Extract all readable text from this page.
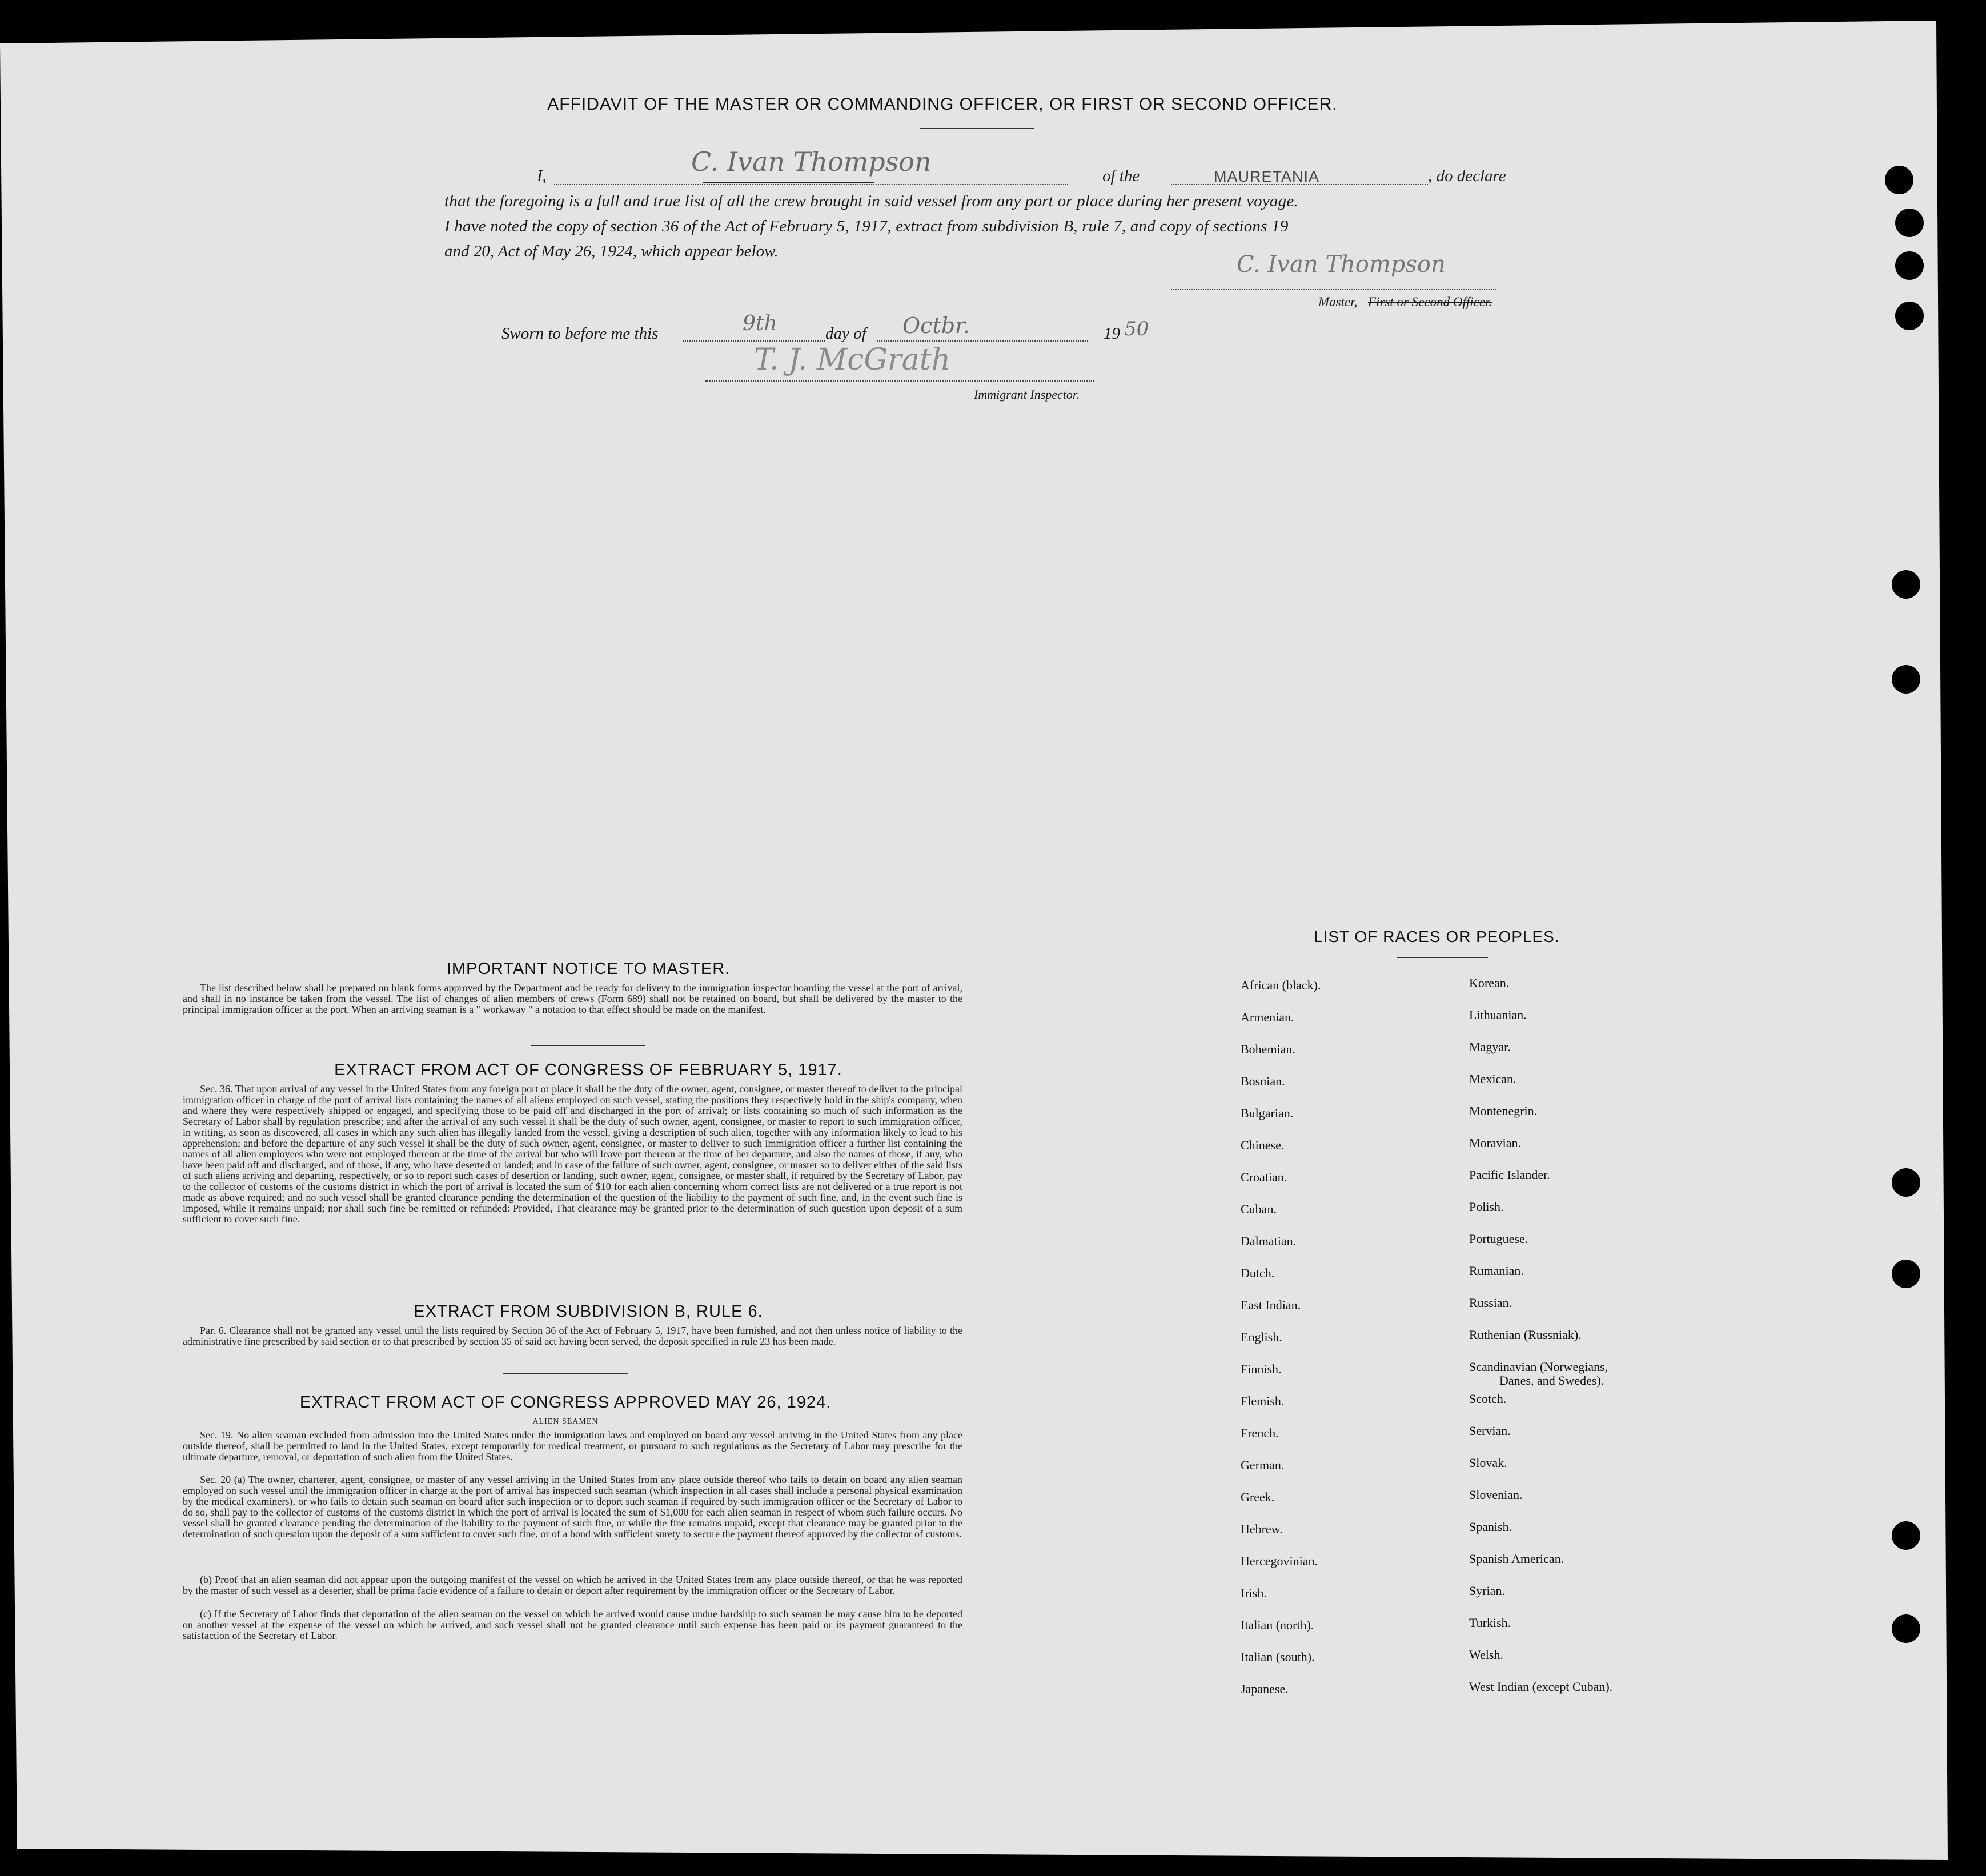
AFFIDAVIT OF THE MASTER OR COMMANDING OFFICER, OR FIRST OR SECOND OFFICER.
I,	C. Ivan Thompson	of the	MAURETANIA	, do declare
that the foregoing is a full and true list of all the crew brought in said vessel from any port or place during her present voyage.
I have noted the copy of section 36 of the Act of February 5, 1917, extract from subdivision B, rule 7, and copy of sections 19
and 20, Act of May 26, 1924, which appear below.	C. Ivan Thompson
Master, First or Second Officer.
Sworn to before me this	9th	day of Octbr.	19 50
T. J. McGrath
Immigrant Inspector.
IMPORTANT NOTICE TO MASTER.
The list described below shall be prepared on blank forms approved by the Department and be ready for delivery to the immigration inspector boarding the vessel at the port of arrival, and shall in no instance be taken from the vessel. The list of changes of alien members of crews (Form 689) shall not be retained on board, but shall be delivered by the master to the principal immigration officer at the port. When an arriving seaman is a " workaway " a notation to that effect should be made on the manifest.
EXTRACT FROM ACT OF CONGRESS OF FEBRUARY 5, 1917.
Sec. 36. That upon arrival of any vessel in the United States from any foreign port or place it shall be the duty of the owner, agent, consignee, or master thereof to deliver to the principal immigration officer in charge of the port of arrival lists containing the names of all aliens employed on such vessel, stating the positions they respectively hold in the ship's company, when and where they were respectively shipped or engaged, and specifying those to be paid off and discharged in the port of arrival; or lists containing so much of such information as the Secretary of Labor shall by regulation prescribe; and after the arrival of any such vessel it shall be the duty of such owner, agent, consignee, or master to report to such immigration officer, in writing, as soon as discovered, all cases in which any such alien has illegally landed from the vessel, giving a description of such alien, together with any information likely to lead to his apprehension; and before the departure of any such vessel it shall be the duty of such owner, agent, consignee, or master to deliver to such immigration officer a further list containing the names of all alien employees who were not employed thereon at the time of the arrival but who will leave port thereon at the time of her departure, and also the names of those, if any, who have been paid off and discharged, and of those, if any, who have deserted or landed; and in case of the failure of such owner, agent, consignee, or master so to deliver either of the said lists of such aliens arriving and departing, respectively, or so to report such cases of desertion or landing, such owner, agent, consignee, or master shall, if required by the Secretary of Labor, pay to the collector of customs of the customs district in which the port of arrival is located the sum of $10 for each alien concerning whom correct lists are not delivered or a true report is not made as above required; and no such vessel shall be granted clearance pending the determination of the question of the liability to the payment of such fine, and, in the event such fine is imposed, while it remains unpaid; nor shall such fine be remitted or refunded: Provided, That clearance may be granted prior to the determination of such question upon deposit of a sum sufficient to cover such fine.
EXTRACT FROM SUBDIVISION B, RULE 6.
Par. 6. Clearance shall not be granted any vessel until the lists required by Section 36 of the Act of February 5, 1917, have been furnished, and not then unless notice of liability to the administrative fine prescribed by said section or to that prescribed by section 35 of said act having been served, the deposit specified in rule 23 has been made.
EXTRACT FROM ACT OF CONGRESS APPROVED MAY 26, 1924.
ALIEN SEAMEN
Sec. 19. No alien seaman excluded from admission into the United States under the immigration laws and employed on board any vessel arriving in the United States from any place outside thereof, shall be permitted to land in the United States, except temporarily for medical treatment, or pursuant to such regulations as the Secretary of Labor may prescribe for the ultimate departure, removal, or deportation of such alien from the United States.
Sec. 20 (a) The owner, charterer, agent, consignee, or master of any vessel arriving in the United States from any place outside thereof who fails to detain on board any alien seaman employed on such vessel until the immigration officer in charge at the port of arrival has inspected such seaman (which inspection in all cases shall include a personal physical examination by the medical examiners), or who fails to detain such seaman on board after such inspection or to deport such seaman if required by such immigration officer or the Secretary of Labor to do so, shall pay to the collector of customs of the customs district in which the port of arrival is located the sum of $1,000 for each alien seaman in respect of whom such failure occurs. No vessel shall be granted clearance pending the determination of the liability to the payment of such fine, or while the fine remains unpaid, except that clearance may be granted prior to the determination of such question upon the deposit of a sum sufficient to cover such fine, or of a bond with sufficient surety to secure the payment thereof approved by the collector of customs.
(b) Proof that an alien seaman did not appear upon the outgoing manifest of the vessel on which he arrived in the United States from any place outside thereof, or that he was reported by the master of such vessel as a deserter, shall be prima facie evidence of a failure to detain or deport after requirement by the immigration officer or the Secretary of Labor.
(c) If the Secretary of Labor finds that deportation of the alien seaman on the vessel on which he arrived would cause undue hardship to such seaman he may cause him to be deported on another vessel at the expense of the vessel on which he arrived, and such vessel shall not be granted clearance until such expense has been paid or its payment guaranteed to the satisfaction of the Secretary of Labor.
LIST OF RACES OR PEOPLES.
African (black).
Armenian.
Bohemian.
Bosnian.
Bulgarian.
Chinese.
Croatian.
Cuban.
Dalmatian.
Dutch.
East Indian.
English.
Finnish.
Flemish.
French.
German.
Greek.
Hebrew.
Hercegovinian.
Irish.
Italian (north).
Italian (south).
Japanese.
Korean.
Lithuanian.
Magyar.
Mexican.
Montenegrin.
Moravian.
Pacific Islander.
Polish.
Portuguese.
Rumanian.
Russian.
Ruthenian (Russniak).
Scandinavian (Norwegians,
Danes, and Swedes).
Scotch.
Servian.
Slovak.
Slovenian.
Spanish.
Spanish American.
Syrian.
Turkish.
Welsh.
West Indian (except Cuban).
